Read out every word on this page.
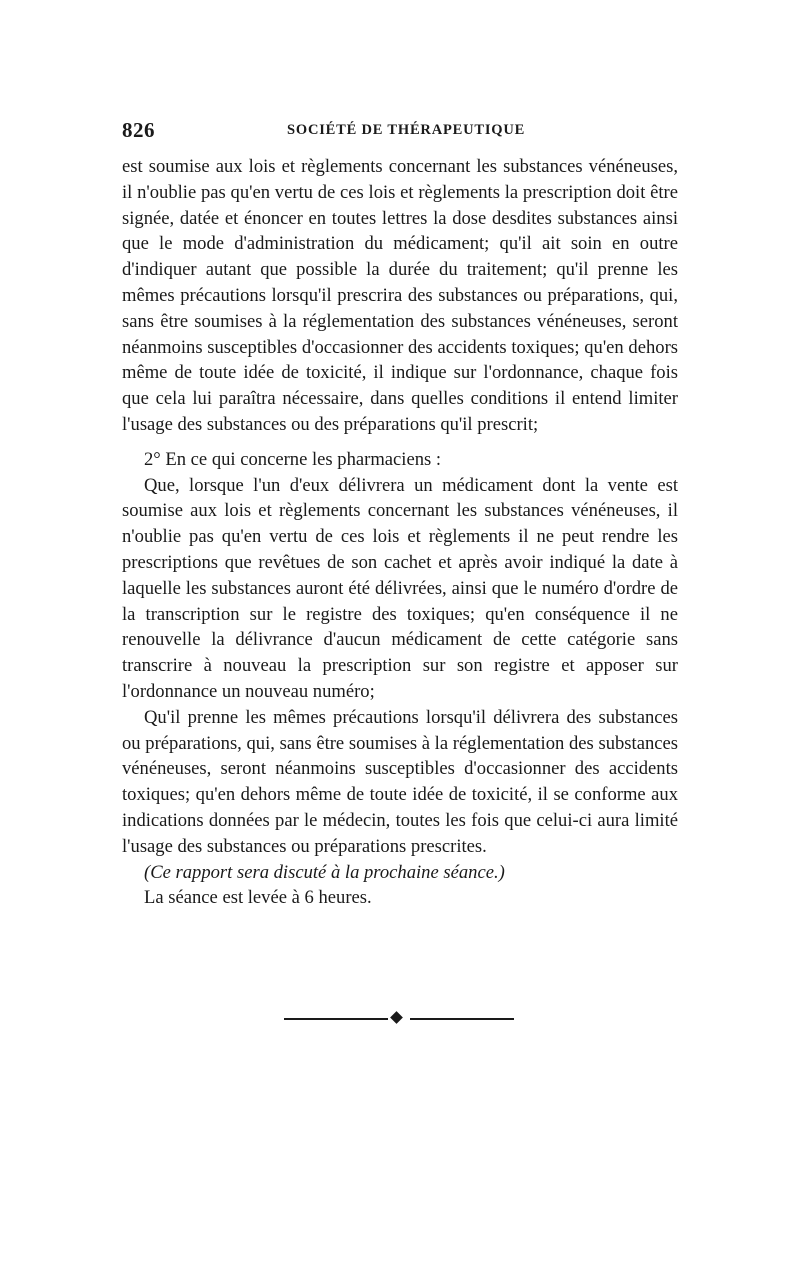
826	SOCIÉTÉ DE THÉRAPEUTIQUE

est soumise aux lois et règlements concernant les substances vénéneuses, il n'oublie pas qu'en vertu de ces lois et règlements la prescription doit être signée, datée et énoncer en toutes lettres la dose desdites substances ainsi que le mode d'administration du médicament; qu'il ait soin en outre d'indiquer autant que possible la durée du traitement; qu'il prenne les mêmes précautions lorsqu'il prescrira des substances ou préparations, qui, sans être soumises à la réglementation des substances vénéneuses, seront néanmoins susceptibles d'occasionner des accidents toxiques; qu'en dehors même de toute idée de toxicité, il indique sur l'ordonnance, chaque fois que cela lui paraîtra nécessaire, dans quelles conditions il entend limiter l'usage des substances ou des préparations qu'il prescrit;

2° En ce qui concerne les pharmaciens :

Que, lorsque l'un d'eux délivrera un médicament dont la vente est soumise aux lois et règlements concernant les substances vénéneuses, il n'oublie pas qu'en vertu de ces lois et règlements il ne peut rendre les prescriptions que revêtues de son cachet et après avoir indiqué la date à laquelle les substances auront été délivrées, ainsi que le numéro d'ordre de la transcription sur le registre des toxiques; qu'en conséquence il ne renouvelle la délivrance d'aucun médicament de cette catégorie sans transcrire à nouveau la prescription sur son registre et apposer sur l'ordonnance un nouveau numéro;

Qu'il prenne les mêmes précautions lorsqu'il délivrera des substances ou préparations, qui, sans être soumises à la réglementation des substances vénéneuses, seront néanmoins susceptibles d'occasionner des accidents toxiques; qu'en dehors même de toute idée de toxicité, il se conforme aux indications données par le médecin, toutes les fois que celui-ci aura limité l'usage des substances ou préparations prescrites.

(Ce rapport sera discuté à la prochaine séance.)

La séance est levée à 6 heures.
